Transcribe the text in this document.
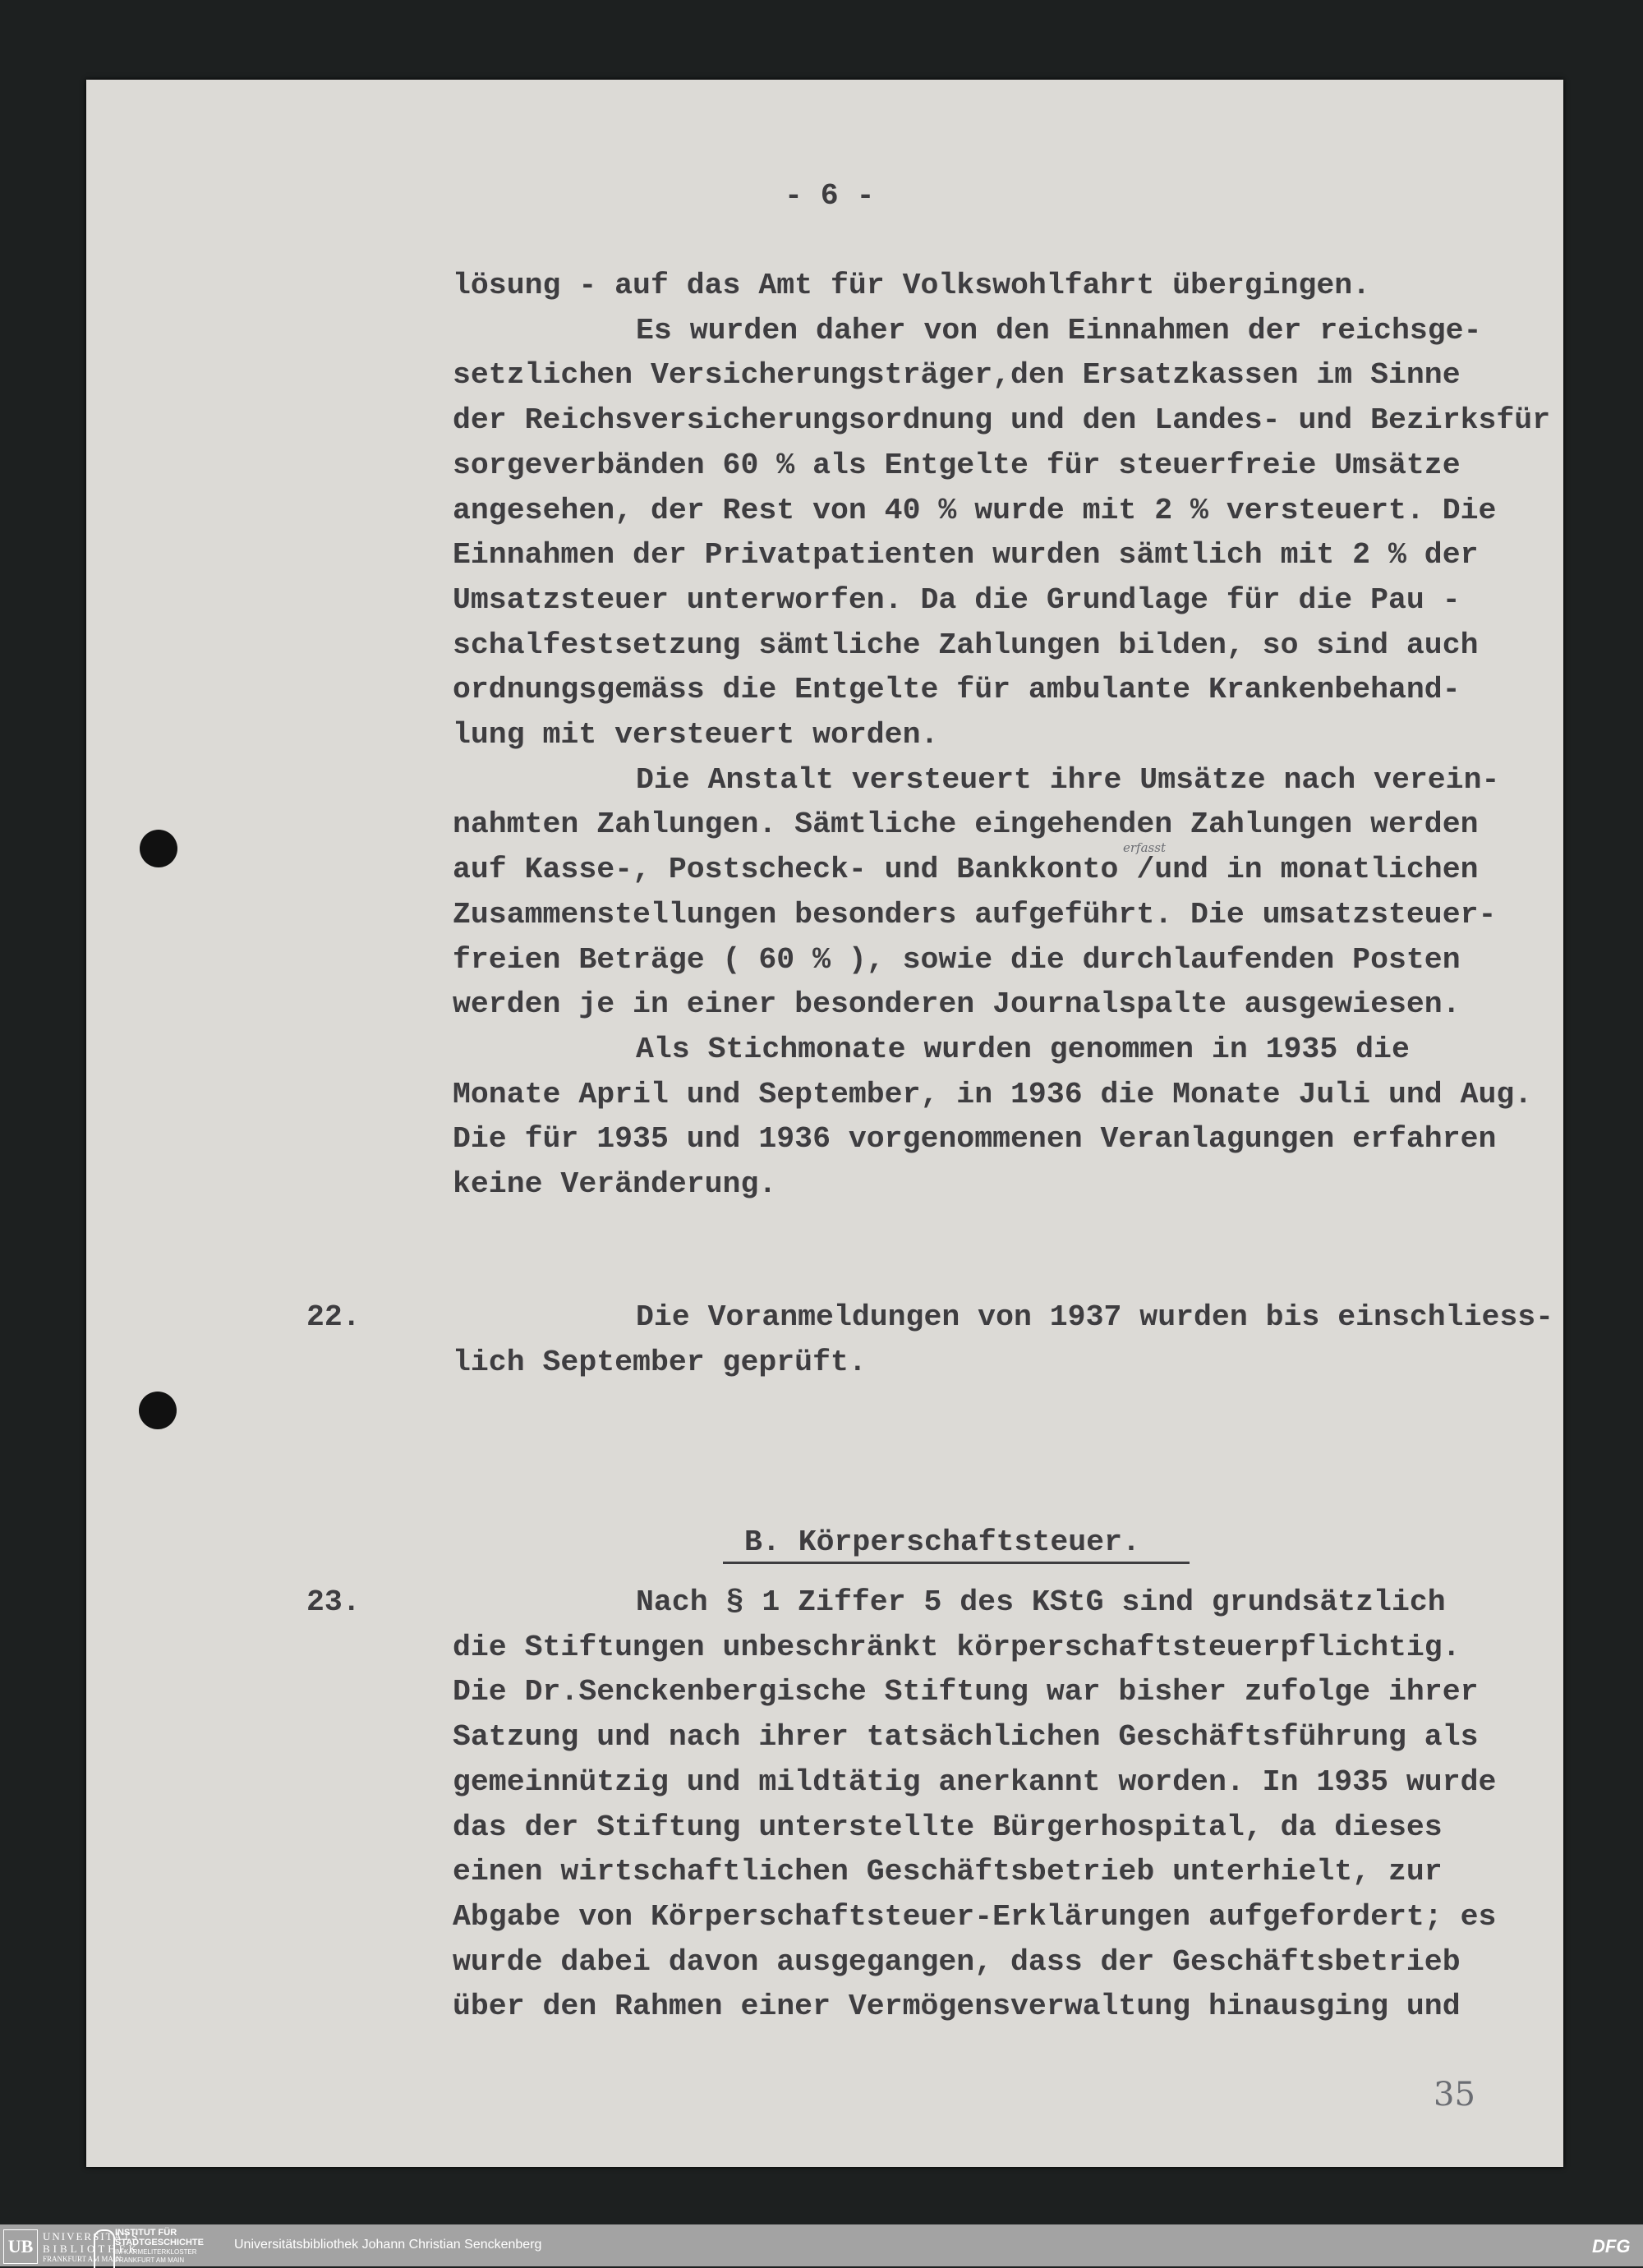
- 6 -
lösung - auf das Amt für Volkswohlfahrt übergingen.
Es wurden daher von den Einnahmen der reichsge-
setzlichen Versicherungsträger,den Ersatzkassen im Sinne
der Reichsversicherungsordnung und den Landes- und Bezirksfür
sorgeverbänden 60 % als Entgelte für steuerfreie Umsätze
angesehen, der Rest von 40 % wurde mit 2 % versteuert. Die
Einnahmen der Privatpatienten wurden sämtlich mit 2 % der
Umsatzsteuer unterworfen. Da die Grundlage für die Pau -
schalfestsetzung sämtliche Zahlungen bilden, so sind auch
ordnungsgemäss die Entgelte für ambulante Krankenbehand-
lung mit versteuert worden.
Die Anstalt versteuert ihre Umsätze nach verein-
nahmten Zahlungen. Sämtliche eingehenden Zahlungen werden
auf Kasse-, Postscheck- und Bankkonto /und in monatlichen
Zusammenstellungen besonders aufgeführt. Die umsatzsteuer-
freien Beträge ( 60 % ), sowie die durchlaufenden Posten
werden je in einer besonderen Journalspalte ausgewiesen.
Als Stichmonate wurden genommen in 1935 die
Monate April und September, in 1936 die Monate Juli und Aug.
Die für 1935 und 1936 vorgenommenen Veranlagungen erfahren
keine Veränderung.
22.	Die Voranmeldungen von 1937 wurden bis einschliess-
lich September geprüft.
B. Körperschaftsteuer.
23.	Nach § 1 Ziffer 5 des KStG sind grundsätzlich
die Stiftungen unbeschränkt körperschaftsteuerpflichtig.
Die Dr.Senckenbergische Stiftung war bisher zufolge ihrer
Satzung und nach ihrer tatsächlichen Geschäftsführung als
gemeinnützig und mildtätig anerkannt worden. In 1935 wurde
das der Stiftung unterstellte Bürgerhospital, da dieses
einen wirtschaftlichen Geschäftsbetrieb unterhielt, zur
Abgabe von Körperschaftsteuer-Erklärungen aufgefordert; es
wurde dabei davon ausgegangen, dass der Geschäftsbetrieb
über den Rahmen einer Vermögensverwaltung hinausging und
erfasst
35
UB UNIVERSITÄTS
BIBLIOTHEK
FRANKFURT AM MAIN
INSTITUT FÜR
STADTGESCHICHTE
IM KARMELITERKLOSTER
FRANKFURT AM MAIN
Universitätsbibliothek Johann Christian Senckenberg	DFG
